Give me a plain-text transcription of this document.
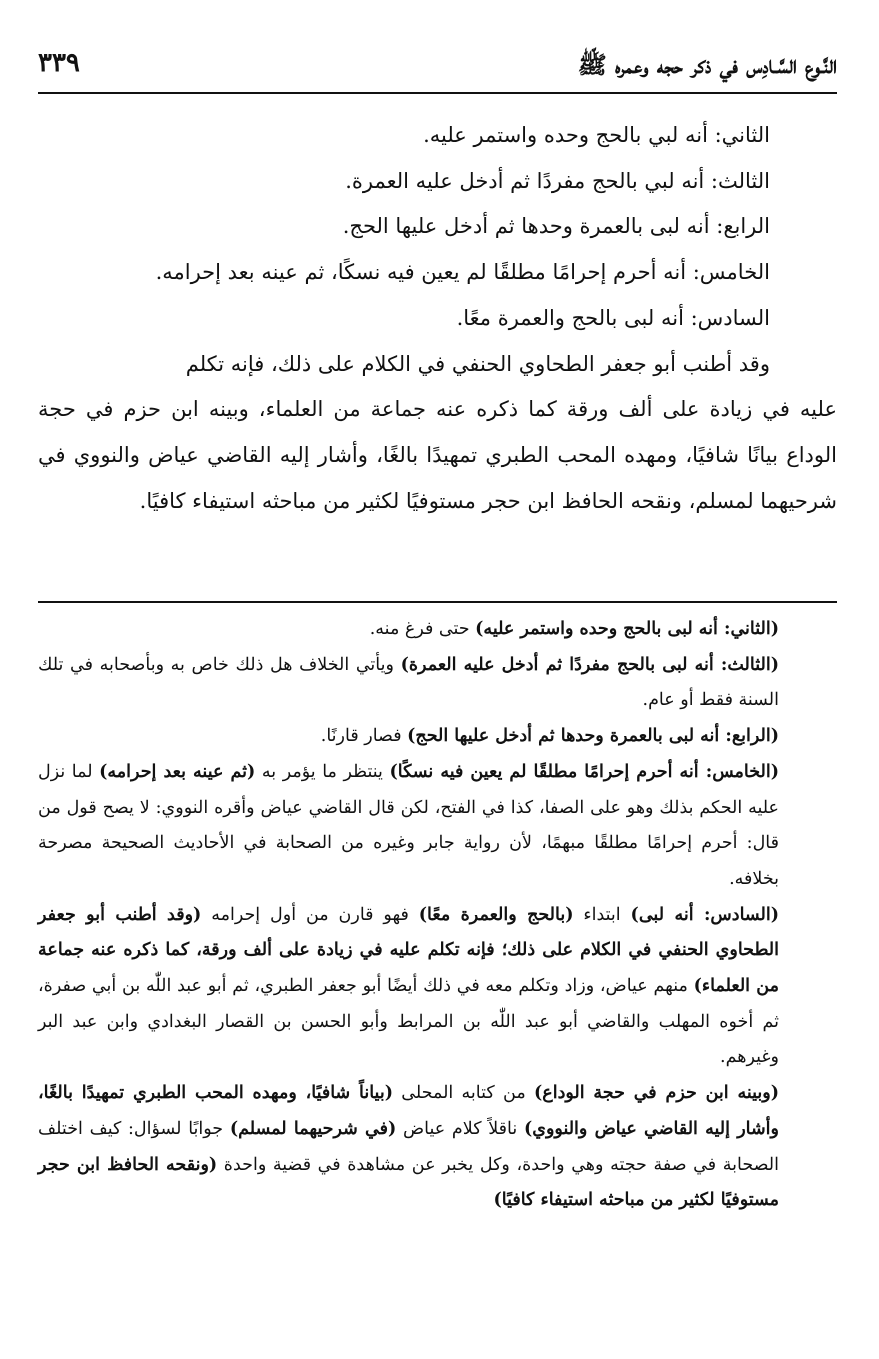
النَّـوع السَّـادِس في ذكر حجه وعمره ﷺ
٣٣٩

الثاني: أنه لبي بالحج وحده واستمر عليه.

الثالث: أنه لبي بالحج مفردًا ثم أدخل عليه العمرة.

الرابع: أنه لبى بالعمرة وحدها ثم أدخل عليها الحج.

الخامس: أنه أحرم إحرامًا مطلقًا لم يعين فيه نسكًا، ثم عينه بعد إحرامه.

السادس: أنه لبى بالحج والعمرة معًا.

وقد أطنب أبو جعفر الطحاوي الحنفي في الكلام على ذلك، فإنه تكلم

عليه في زيادة على ألف ورقة كما ذكره عنه جماعة من العلماء، وبينه ابن حزم في حجة الوداع بيانًا شافيًا، ومهده المحب الطبري تمهيدًا بالغًا، وأشار إليه القاضي عياض والنووي في شرحيهما لمسلم، ونقحه الحافظ ابن حجر مستوفيًا لكثير من مباحثه استيفاء كافيًا.

(الثاني: أنه لبى بالحج وحده واستمر عليه) حتى فرغ منه.

(الثالث: أنه لبى بالحج مفردًا ثم أدخل عليه العمرة) ويأتي الخلاف هل ذلك خاص به وبأصحابه في تلك السنة فقط أو عام.

(الرابع: أنه لبى بالعمرة وحدها ثم أدخل عليها الحج) فصار قارنًا.

(الخامس: أنه أحرم إحرامًا مطلقًا لم يعين فيه نسكًا) ينتظر ما يؤمر به (ثم عينه بعد إحرامه) لما نزل عليه الحكم بذلك وهو على الصفا، كذا في الفتح، لكن قال القاضي عياض وأقره النووي: لا يصح قول من قال: أحرم إحرامًا مطلقًا مبهمًا، لأن رواية جابر وغيره من الصحابة في الأحاديث الصحيحة مصرحة بخلافه.

(السادس: أنه لبى) ابتداء (بالحج والعمرة معًا) فهو قارن من أول إحرامه (وقد أطنب أبو جعفر الطحاوي الحنفي في الكلام على ذلك؛ فإنه تكلم عليه في زيادة على ألف ورقة، كما ذكره عنه جماعة من العلماء) منهم عياض، وزاد وتكلم معه في ذلك أيضًا أبو جعفر الطبري، ثم أبو عبد اللّٰه بن أبي صفرة، ثم أخوه المهلب والقاضي أبو عبد اللّٰه بن المرابط وأبو الحسن بن القصار البغدادي وابن عبد البر وغيرهم.

(وبينه ابن حزم في حجة الوداع) من كتابه المحلى (بياناً شافيًا، ومهده المحب الطبري تمهيدًا بالغًا، وأشار إليه القاضي عياض والنووي) ناقلاً كلام عياض (في شرحيهما لمسلم) جوابًا لسؤال: كيف اختلف الصحابة في صفة حجته وهي واحدة، وكل يخبر عن مشاهدة في قضية واحدة (ونقحه الحافظ ابن حجر مستوفيًا لكثير من مباحثه استيفاء كافيًا)
